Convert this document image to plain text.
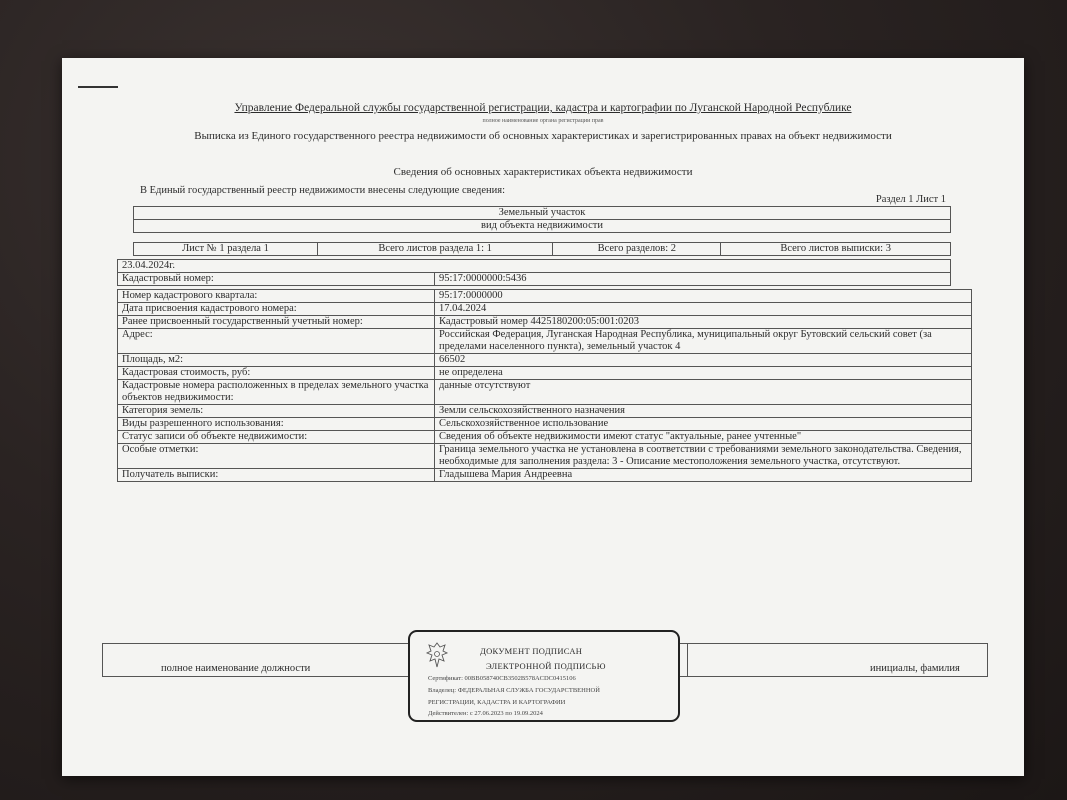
Управление Федеральной службы государственной регистрации, кадастра и картографии по Луганской Народной Республике
полное наименование органа регистрации прав
Выписка из Единого государственного реестра недвижимости об основных характеристиках и зарегистрированных правах на объект недвижимости
Сведения об основных характеристиках объекта недвижимости
В Единый государственный реестр недвижимости внесены следующие сведения:
Раздел 1 Лист 1
Земельный участок
вид объекта недвижимости
Лист № 1 раздела 1	Всего листов раздела 1: 1	Всего разделов: 2	Всего листов выписки: 3
23.04.2024г.
Кадастровый номер:	95:17:0000000:5436
Номер кадастрового квартала:	95:17:0000000
Дата присвоения кадастрового номера:	17.04.2024
Ранее присвоенный государственный учетный номер:	Кадастровый номер 4425180200:05:001:0203
Адрес:	Российская Федерация, Луганская Народная Республика, муниципальный округ Бутовский сельский совет (за пределами населенного пункта), земельный участок 4
Площадь, м2:	66502
Кадастровая стоимость, руб:	не определена
Кадастровые номера расположенных в пределах земельного участка объектов недвижимости:	данные отсутствуют
Категория земель:	Земли сельскохозяйственного назначения
Виды разрешенного использования:	Сельскохозяйственное использование
Статус записи об объекте недвижимости:	Сведения об объекте недвижимости имеют статус "актуальные, ранее учтенные"
Особые отметки:	Граница земельного участка не установлена в соответствии с требованиями земельного законодательства. Сведения, необходимые для заполнения раздела: 3 - Описание местоположения земельного участка, отсутствуют.
Получатель выписки:	Гладышева Мария Андреевна
полное наименование должности	инициалы, фамилия
ДОКУМЕНТ ПОДПИСАН
ЭЛЕКТРОННОЙ ПОДПИСЬЮ
Сертификат: 00BB058740CB3502B578ACDC0415106
Владелец: ФЕДЕРАЛЬНАЯ СЛУЖБА ГОСУДАРСТВЕННОЙ
РЕГИСТРАЦИИ, КАДАСТРА И КАРТОГРАФИИ
Действителен: с 27.06.2023 по 19.09.2024
